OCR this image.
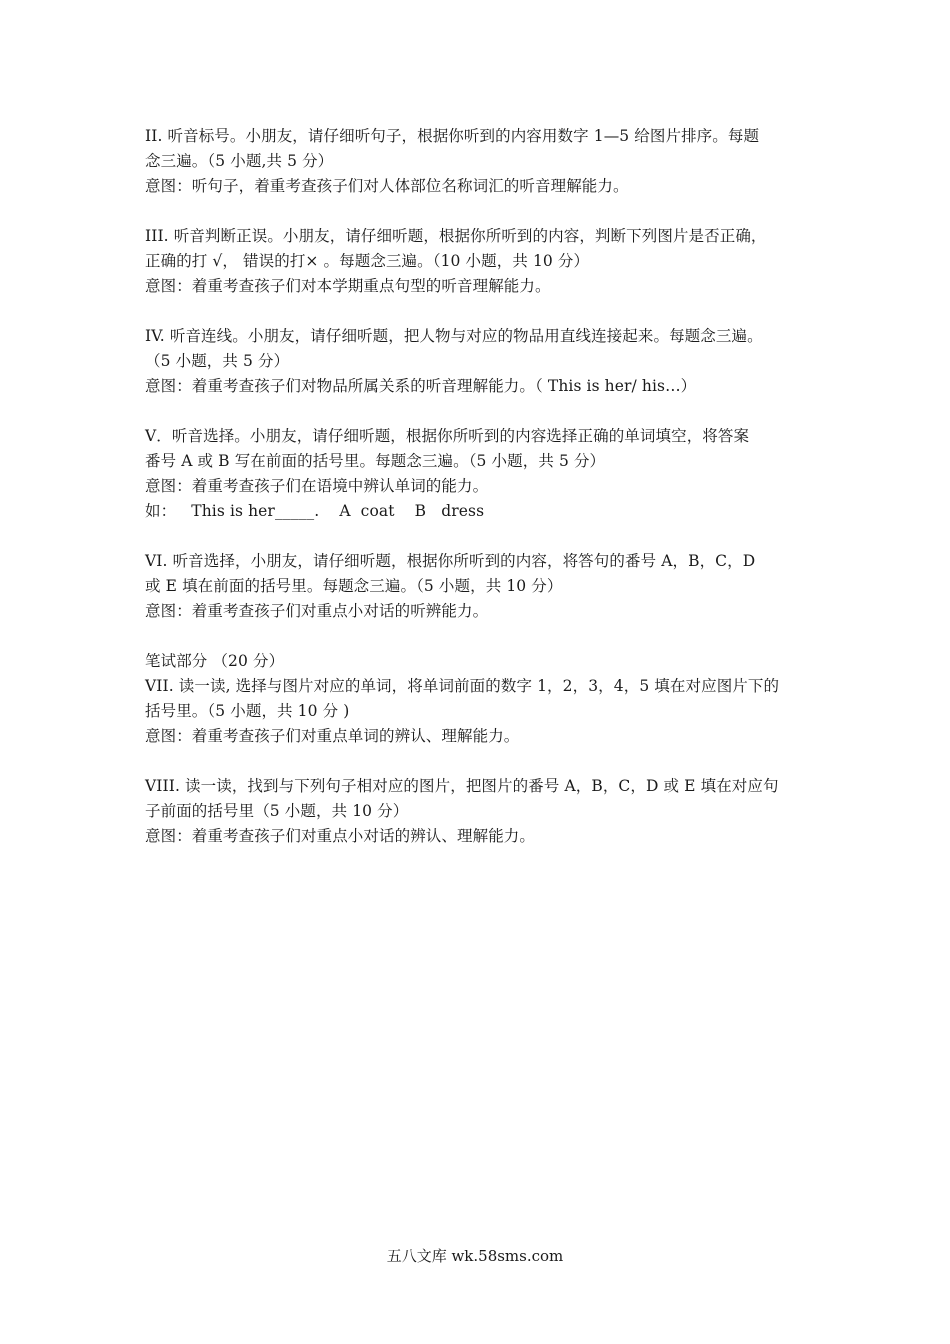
II. 听音标号。小朋友，请仔细听句子，根据你听到的内容用数字 1—5 给图片排序。每题
念三遍。（5 小题,共 5 分）
意图：听句子，着重考查孩子们对人体部位名称词汇的听音理解能力。
III. 听音判断正误。小朋友，请仔细听题，根据你所听到的内容，判断下列图片是否正确，
正确的打 √， 错误的打× 。每题念三遍。（10 小题，共 10 分）
意图：着重考查孩子们对本学期重点句型的听音理解能力。
IV. 听音连线。小朋友，请仔细听题，把人物与对应的物品用直线连接起来。每题念三遍。
（5 小题，共 5 分）
意图：着重考查孩子们对物品所属关系的听音理解能力。（ This is her/ his…）
V．听音选择。小朋友，请仔细听题，根据你所听到的内容选择正确的单词填空，将答案
番号 A 或 B 写在前面的括号里。每题念三遍。（5 小题，共 5 分）
意图：着重考查孩子们在语境中辨认单词的能力。
如：   This is her_____.    A  coat    B   dress
VI. 听音选择，小朋友，请仔细听题，根据你所听到的内容，将答句的番号 A，B，C，D
或 E 填在前面的括号里。每题念三遍。（5 小题，共 10 分）
意图：着重考查孩子们对重点小对话的听辨能力。
笔试部分 （20 分）
VII. 读一读, 选择与图片对应的单词，将单词前面的数字 1，2，3，4，5 填在对应图片下的
括号里。（5 小题，共 10 分 )
意图：着重考查孩子们对重点单词的辨认、理解能力。
VIII. 读一读，找到与下列句子相对应的图片，把图片的番号 A，B，C，D 或 E 填在对应句
子前面的括号里（5 小题，共 10 分）
意图：着重考查孩子们对重点小对话的辨认、理解能力。
五八文库 wk.58sms.com
